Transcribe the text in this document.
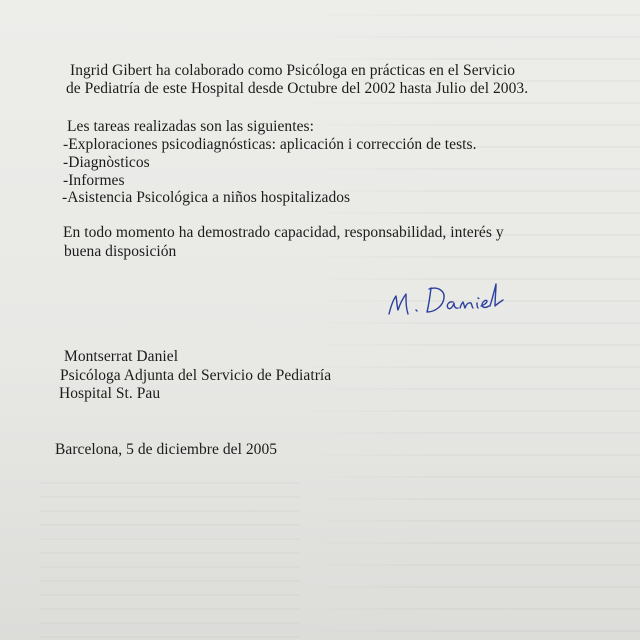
Ingrid Gibert ha colaborado como Psicóloga en prácticas en el Servicio
de Pediatría de este Hospital desde Octubre del 2002 hasta Julio del 2003.
Les tareas realizadas son las siguientes:
-Exploraciones psicodiagnósticas: aplicación i corrección de tests.
-Diagnòsticos
-Informes
-Asistencia Psicológica a niños hospitalizados
En todo momento ha demostrado capacidad, responsabilidad, interés y
buena disposición
Montserrat Daniel
Psicóloga Adjunta del Servicio de Pediatría
Hospital St. Pau
Barcelona, 5 de diciembre del 2005
